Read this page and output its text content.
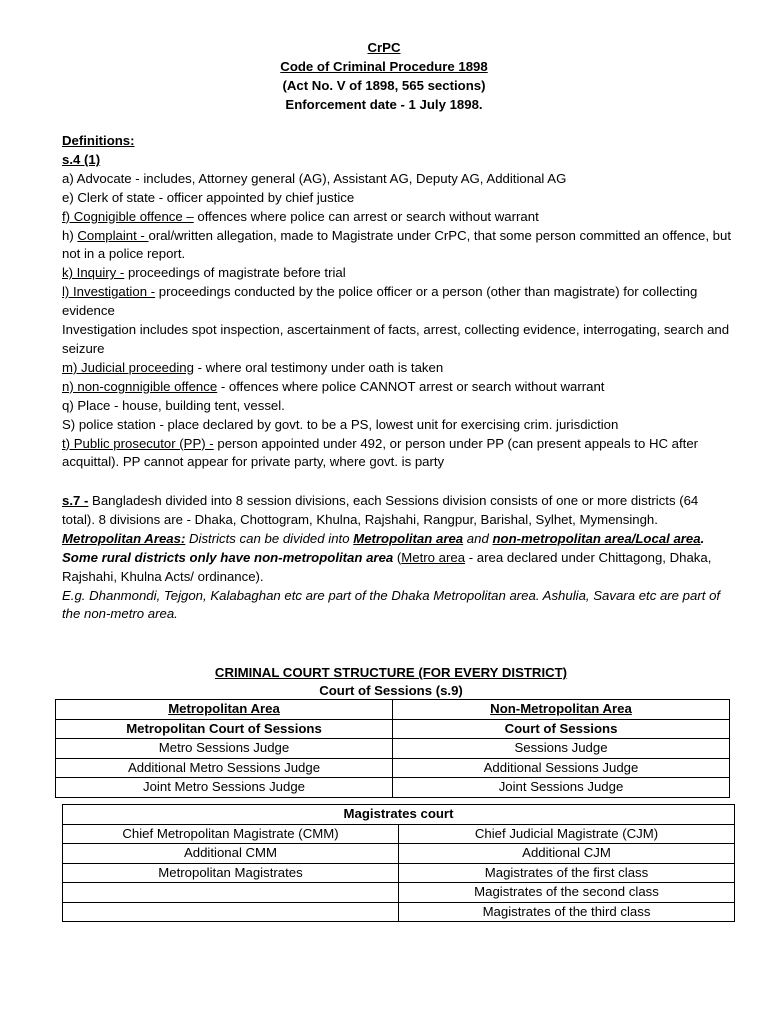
CrPC
Code of Criminal Procedure 1898
(Act No. V of 1898, 565 sections)
Enforcement date - 1 July 1898.

Definitions:

s.4 (1)

a) Advocate - includes, Attorney general (AG), Assistant AG, Deputy AG, Additional AG

e) Clerk of state - officer appointed by chief justice

f) Cognigible offence – offences where police can arrest or search without warrant

h) Complaint - oral/written allegation, made to Magistrate under CrPC, that some person committed an offence, but not in a police report.

k) Inquiry - proceedings of magistrate before trial

l) Investigation - proceedings conducted by the police officer or a person (other than magistrate) for collecting evidence

Investigation includes spot inspection, ascertainment of facts, arrest, collecting evidence, interrogating, search and seizure

m) Judicial proceeding - where oral testimony under oath is taken

n) non-cognnigible offence - offences where police CANNOT arrest or search without warrant

q) Place - house, building tent, vessel.

S) police station - place declared by govt. to be a PS, lowest unit for exercising crim. jurisdiction

t) Public prosecutor (PP) - person appointed under 492, or person under PP (can present appeals to HC after acquittal). PP cannot appear for private party, where govt. is party

s.7 - Bangladesh divided into 8 session divisions, each Sessions division consists of one or more districts (64 total). 8 divisions are - Dhaka, Chottogram, Khulna, Rajshahi, Rangpur, Barishal, Sylhet, Mymensingh.

Metropolitan Areas: Districts can be divided into Metropolitan area and non-metropolitan area/Local area. Some rural districts only have non-metropolitan area (Metro area - area declared under Chittagong, Dhaka, Rajshahi, Khulna Acts/ ordinance).

E.g. Dhanmondi, Tejgon, Kalabaghan etc are part of the Dhaka Metropolitan area. Ashulia, Savara etc are part of the non-metro area.

CRIMINAL COURT STRUCTURE (FOR EVERY DISTRICT)
Court of Sessions (s.9)
Metropolitan Area	Non-Metropolitan Area
Metropolitan Court of Sessions	Court of Sessions
Metro Sessions Judge	Sessions Judge
Additional Metro Sessions Judge	Additional Sessions Judge
Joint Metro Sessions Judge	Joint Sessions Judge
Magistrates court	
Chief Metropolitan Magistrate (CMM)	Chief Judicial Magistrate (CJM)
Additional CMM	Additional CJM
Metropolitan Magistrates	Magistrates of the first class
	Magistrates of the second class
	Magistrates of the third class
